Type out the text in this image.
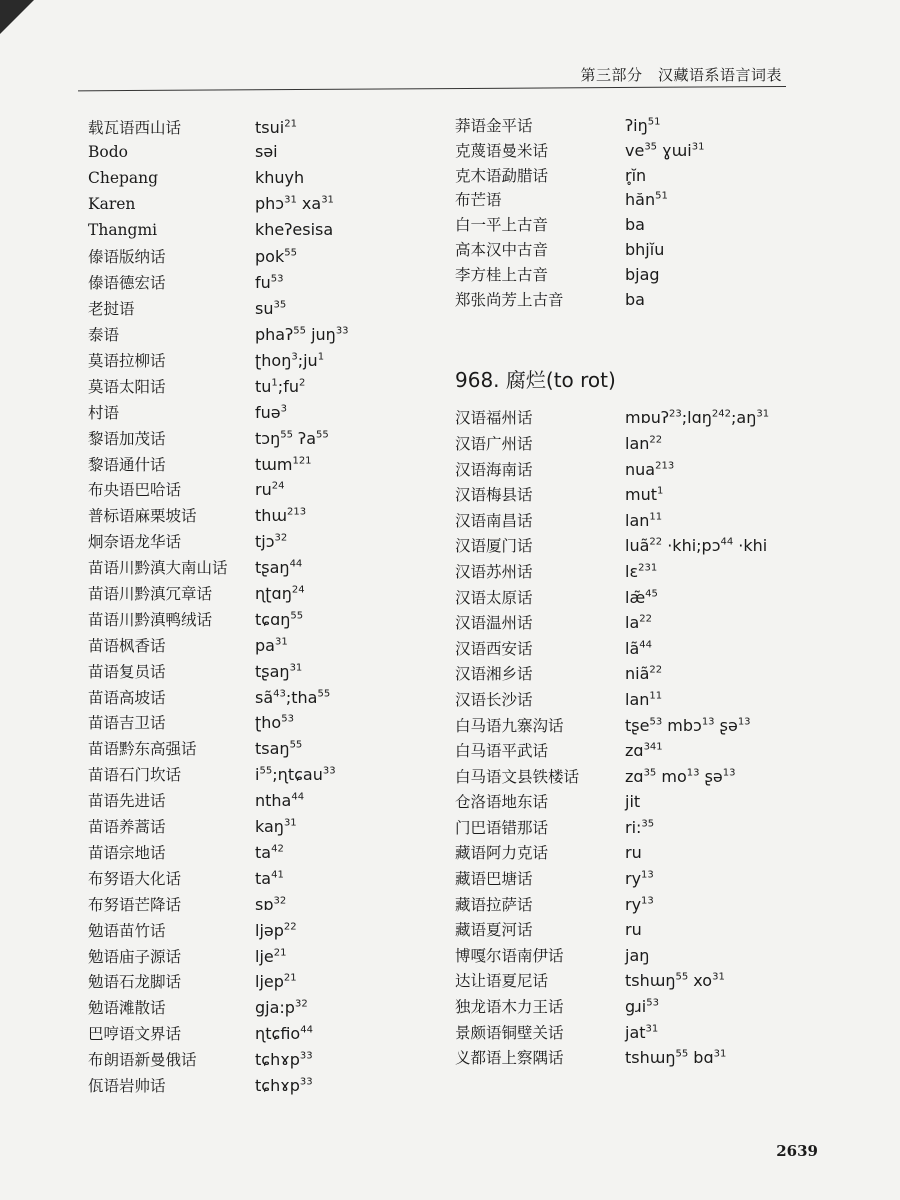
第三部分　汉藏语系语言词表
载瓦语西山话	tsui$^{21}$
Bodo	səi
Chepang	khuyh
Karen	phɔ$^{31}$ $xa^{31}$
Thangmi	kheʔesisa
傣语版纳话	pok$^{55}$
傣语德宏话	$fu^{53}$
老挝语	$su^{35}$
泰语	phaʔ$^{55}$ juŋ$^{33}$
莫语拉柳话	$ʈhoŋ^3;ju^1$
莫语太阳话	$tu^1;fu^2$
村语	fuə$^3$
黎语加茂话	tɔŋ$^{55}$ ʔa$^{55}$
黎语通什话	tɯm$^{121}$
布央语巴哈话	$ru^{24}$
普标语麻栗坡话	thɯ$^{213}$
炯奈语龙华话	tjɔ$^{32}$
苗语川黔滇大南山话	tʂaŋ$^{44}$
苗语川黔滇冗章话	ɳʈɑŋ$^{24}$
苗语川黔滇鸭绒话	tɕɑŋ$^{55}$
苗语枫香话	$pa^{31}$
苗语复员话	tʂaŋ$^{31}$
苗语高坡话	$sã^{43};tha^{55}$
苗语吉卫话	ʈho$^{53}$
苗语黔东高强话	tsaŋ$^{55}$
苗语石门坎话	$i^{55};ɳtɕau^{33}$
苗语先进话	ntha$^{44}$
苗语养蒿话	kaŋ$^{31}$
苗语宗地话	$ta^{42}$
布努语大化话	$ta^{41}$
布努语芒降话	sɒ$^{32}$
勉语苗竹话	ljəp$^{22}$
勉语庙子源话	lje$^{21}$
勉语石龙脚话	ljep$^{21}$
勉语滩散话	$gja:p^{32}$
巴哼语文界话	ɳtɕfio$^{44}$
布朗语新曼俄话	tɕhɤp$^{33}$
佤语岩帅话	tɕhɤp$^{33}$
莽语金平话	ʔiŋ$^{51}$
克蔑语曼米话	$ve^{35}$ ɣɯi$^{31}$
克木语勐腊话	r̥ĭn
布芒语	hăn$^{51}$
白一平上古音	ba
高本汉中古音	bhjĭu
李方桂上古音	bjag
郑张尚芳上古音	ba
968. 腐烂(to rot)
汉语福州话	$mɒuʔ^{23};lɑŋ^{242};aŋ^{31}$
汉语广州话	lan$^{22}$
汉语海南话	nua$^{213}$
汉语梅县话	mut$^1$
汉语南昌话	lan$^{11}$
汉语厦门话	luã$^{22}$ ·khi;pɔ$^{44}$ ·khi
汉语苏州话	lɛ$^{231}$
汉语太原话	læ̃$^{45}$
汉语温州话	$la^{22}$
汉语西安话	$lã^{44}$
汉语湘乡话	niã$^{22}$
汉语长沙话	lan$^{11}$
白马语九寨沟话	tʂe$^{53}$ mbɔ$^{13}$ ʂə$^{13}$
白马语平武话	zɑ$^{341}$
白马语文县铁楼话	zɑ$^{35}$ $mo^{13}$ ʂə$^{13}$
仓洛语地东话	jit
门巴语错那话	ri:$^{35}$
藏语阿力克话	ru
藏语巴塘话	$ry^{13}$
藏语拉萨话	$ry^{13}$
藏语夏河话	ru
博嘎尔语南伊话	jaŋ
达让语夏尼话	tshɯŋ$^{55}$ $xo^{31}$
独龙语木力王话	gɹi$^{53}$
景颇语铜壁关话	jat$^{31}$
义都语上察隅话	tshɯŋ$^{55}$ bɑ$^{31}$
2639
